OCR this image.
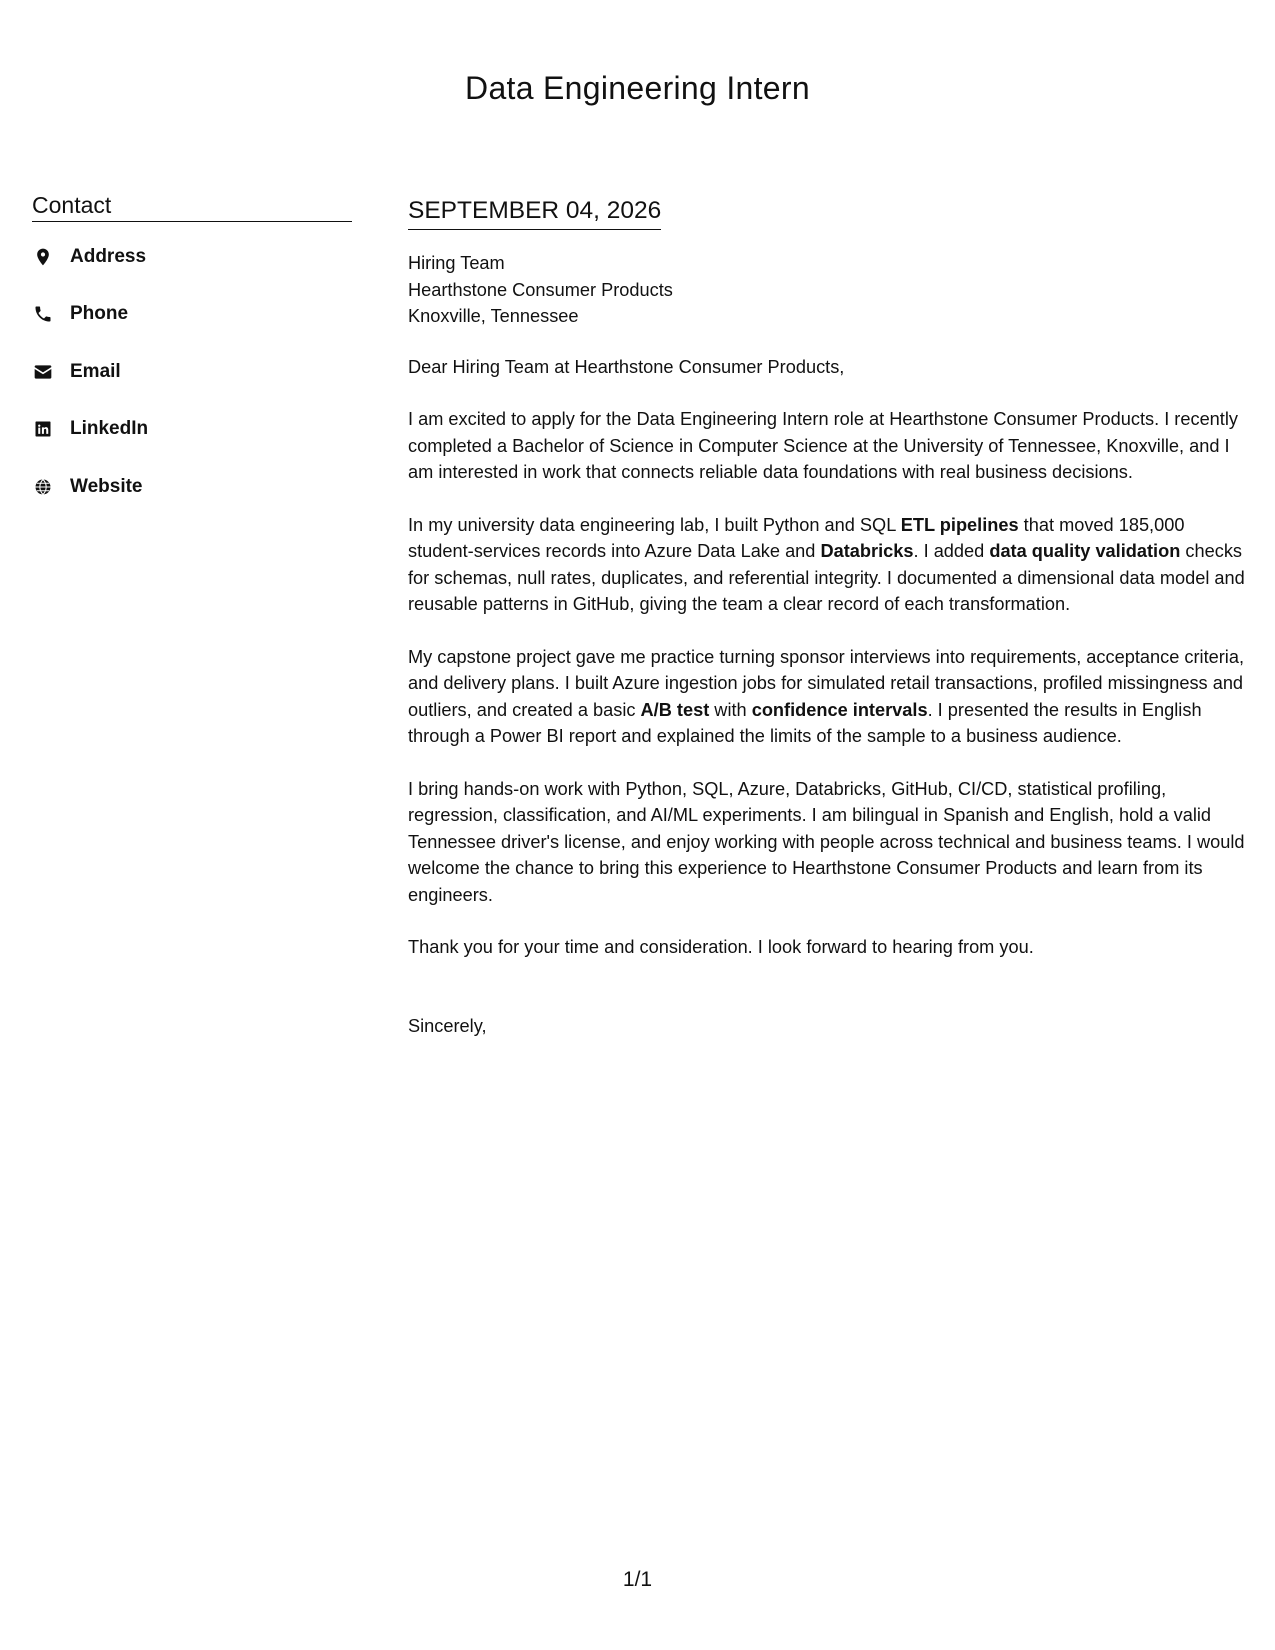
Data Engineering Intern
Contact
Address
Phone
Email
LinkedIn
Website
SEPTEMBER 04, 2026
Hiring Team
Hearthstone Consumer Products
Knoxville, Tennessee

Dear Hiring Team at Hearthstone Consumer Products,

I am excited to apply for the Data Engineering Intern role at Hearthstone Consumer Products. I recently completed a Bachelor of Science in Computer Science at the University of Tennessee, Knoxville, and I am interested in work that connects reliable data foundations with real business decisions.

In my university data engineering lab, I built Python and SQL ETL pipelines that moved 185,000 student-services records into Azure Data Lake and Databricks. I added data quality validation checks for schemas, null rates, duplicates, and referential integrity. I documented a dimensional data model and reusable patterns in GitHub, giving the team a clear record of each transformation.

My capstone project gave me practice turning sponsor interviews into requirements, acceptance criteria, and delivery plans. I built Azure ingestion jobs for simulated retail transactions, profiled missingness and outliers, and created a basic A/B test with confidence intervals. I presented the results in English through a Power BI report and explained the limits of the sample to a business audience.

I bring hands-on work with Python, SQL, Azure, Databricks, GitHub, CI/CD, statistical profiling, regression, classification, and AI/ML experiments. I am bilingual in Spanish and English, hold a valid Tennessee driver's license, and enjoy working with people across technical and business teams. I would welcome the chance to bring this experience to Hearthstone Consumer Products and learn from its engineers.

Thank you for your time and consideration. I look forward to hearing from you.

Sincerely,

1/1
